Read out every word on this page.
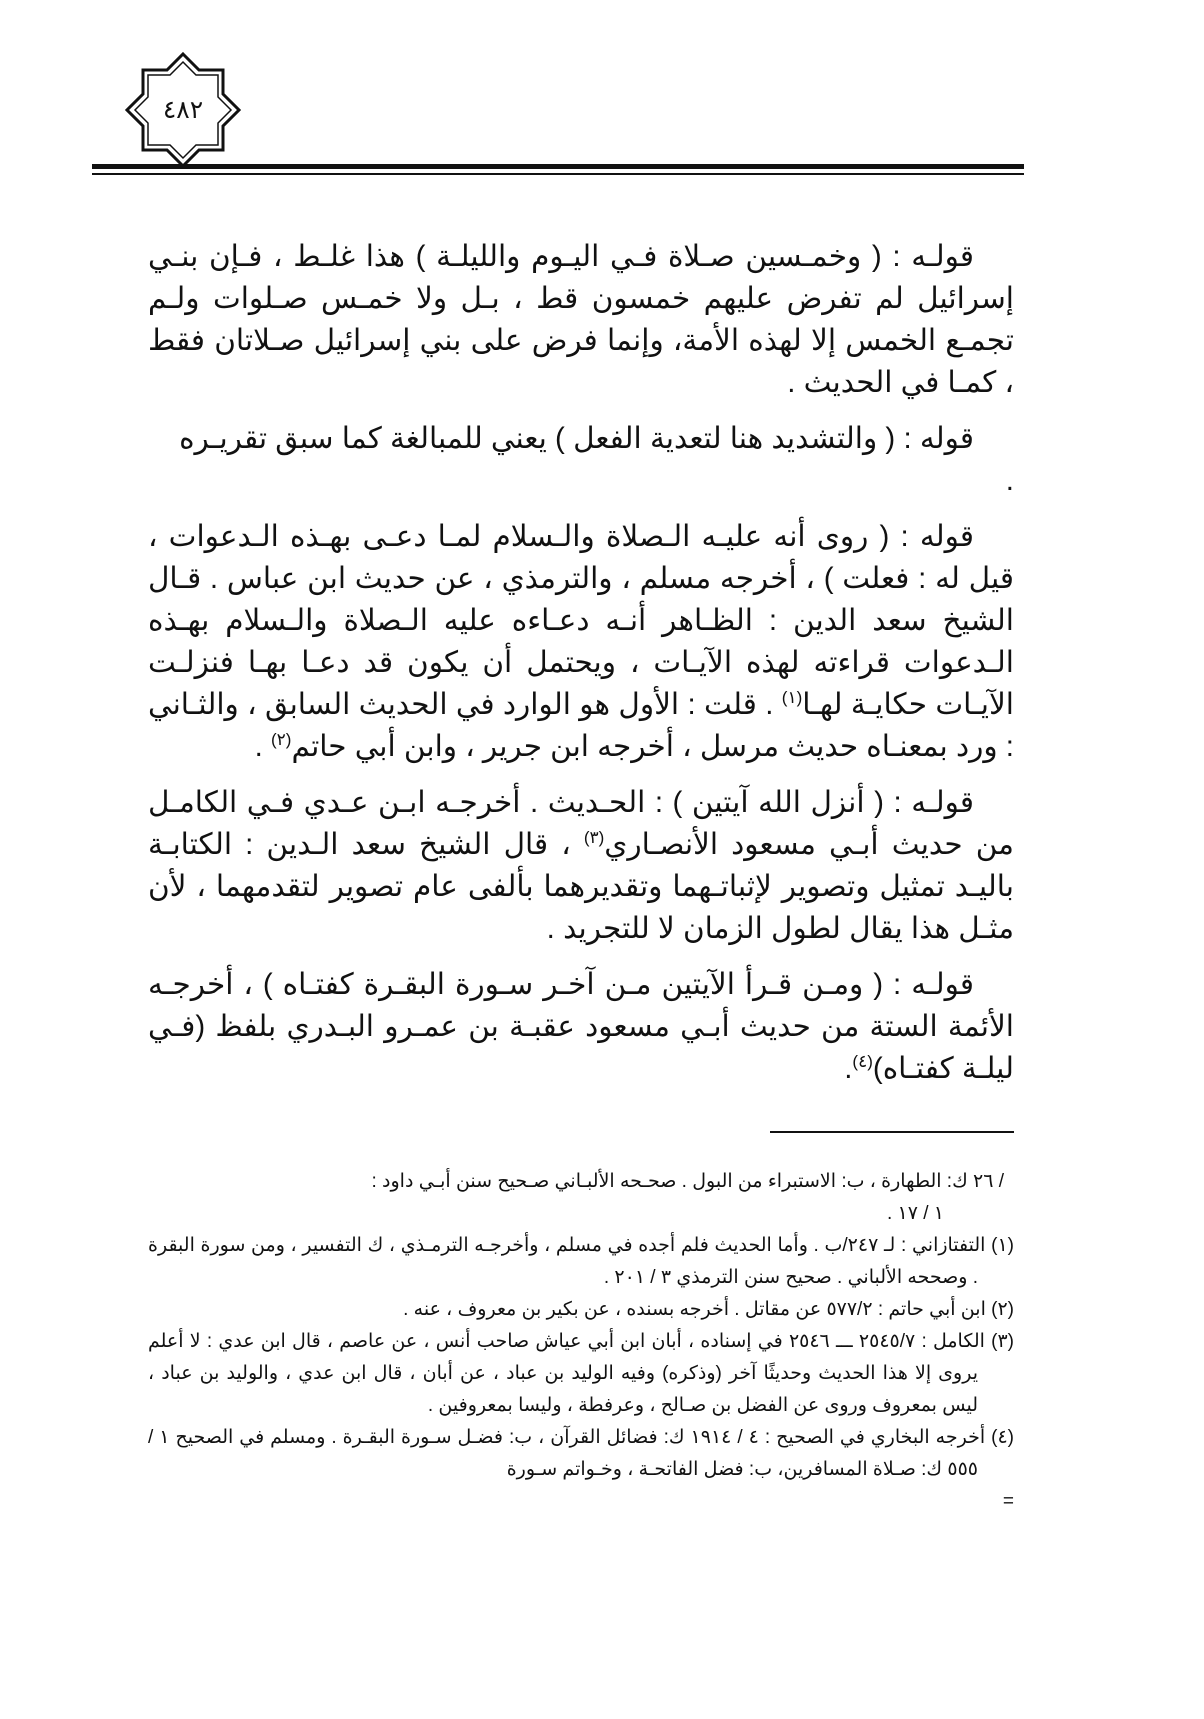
٤٨٢

قولـه : ( وخمـسين صـلاة فـي اليـوم والليلـة ) هذا غلـط ، فـإن بنـي إسرائيل لم تفرض عليهم خمسون قط ، بـل ولا خمـس صـلوات ولـم تجمـع الخمس إلا لهذه الأمة، وإنما فرض على بني إسرائيل صـلاتان فقط ، كمـا في الحديث .

قوله : ( والتشديد هنا لتعدية الفعل ) يعني للمبالغة كما سبق تقريـره

.

قوله : ( روى أنه عليـه الـصلاة والـسلام لمـا دعـى بهـذه الـدعوات ، قيل له : فعلت ) ، أخرجه مسلم ، والترمذي ، عن حديث ابن عباس . قـال الشيخ سعد الدين : الظـاهر أنـه دعـاءه عليه الـصلاة والـسلام بهـذه الـدعوات قراءته لهذه الآيـات ، ويحتمل أن يكون قد دعـا بهـا فنزلـت الآيـات حكايـة لهـا$^{(١)}$ . قلت : الأول هو الوارد في الحديث السابق ، والثـاني : ورد بمعنـاه حديث مرسل ، أخرجه ابن جرير ، وابن أبي حاتم$^{(٢)}$ .

قولـه : ( أنزل الله آيتين ) : الحـديث . أخرجـه ابـن عـدي فـي الكامـل من حديث أبـي مسعود الأنصـاري$^{(٣)}$ ، قال الشيخ سعد الـدين : الكتابـة باليـد تمثيل وتصوير لإثباتـهما وتقديرهما بألفى عام تصوير لتقدمهما ، لأن مثـل هذا يقال لطول الزمان لا للتجريد .

قولـه : ( ومـن قـرأ الآيتين مـن آخـر سـورة البقـرة كفتـاه ) ، أخرجـه الأئمة الستة من حديث أبـي مسعود عقبـة بن عمـرو البـدري بلفظ (فـي ليلـة كفتـاه)$^{(٤)}$.

/ ٢٦ ك: الطهارة ، ب: الاستبراء من البول . صحـحه الألبـاني صـحيح سنن أبـي داود :

١ / ١٧ .

(١) التفتازاني : لـ ٢٤٧/ب . وأما الحديث فلم أجده في مسلم ، وأخرجـه الترمـذي ، ك التفسير ، ومن سورة البقرة . وصححه الألباني . صحيح سنن الترمذي ٣ / ٢٠١ .

(٢) ابن أبي حاتم : ٥٧٧/٢ عن مقاتل . أخرجه بسنده ، عن بكير بن معروف ، عنه .

(٣) الكامل : ٢٥٤٥/٧ ـــ ٢٥٤٦ في إسناده ، أبان ابن أبي عياش صاحب أنس ، عن عاصم ، قال ابن عدي : لا أعلم يروى إلا هذا الحديث وحديثًا آخر (وذكره) وفيه الوليد بن عباد ، عن أبان ، قال ابن عدي ، والوليد بن عباد ، ليس بمعروف وروى عن الفضل بن صـالح ، وعرفطة ، وليسا بمعروفين .

(٤) أخرجه البخاري في الصحيح : ٤ / ١٩١٤ ك: فضائل القرآن ، ب: فضـل سـورة البقـرة . ومسلم في الصحيح ١ / ٥٥٥ ك: صـلاة المسافرين، ب: فضل الفاتحـة ، وخـواتم سـورة

=
